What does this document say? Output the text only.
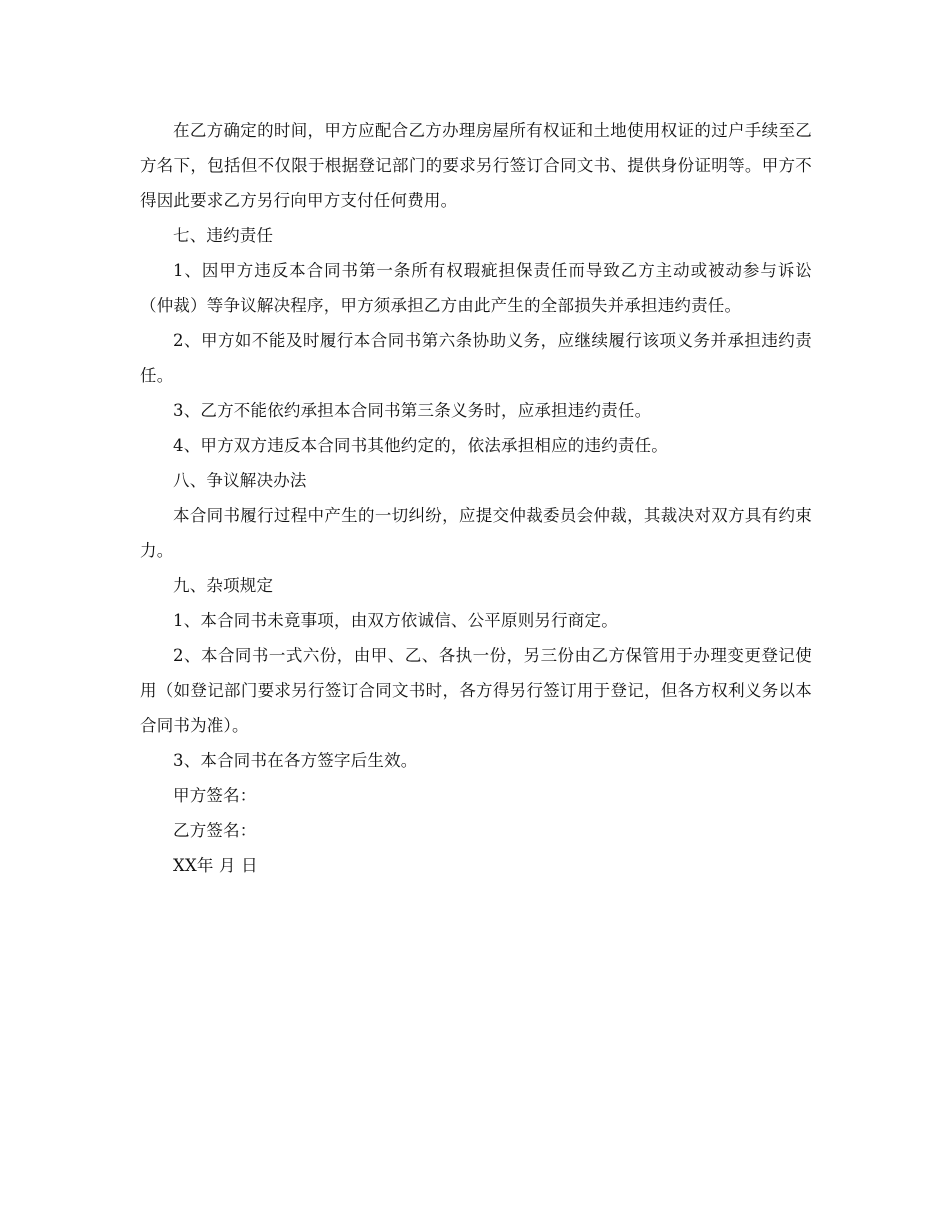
在乙方确定的时间，甲方应配合乙方办理房屋所有权证和土地使用权证的过户手续至乙方名下，包括但不仅限于根据登记部门的要求另行签订合同文书、提供身份证明等。甲方不得因此要求乙方另行向甲方支付任何费用。

七、违约责任

1、因甲方违反本合同书第一条所有权瑕疵担保责任而导致乙方主动或被动参与诉讼（仲裁）等争议解决程序，甲方须承担乙方由此产生的全部损失并承担违约责任。

2、甲方如不能及时履行本合同书第六条协助义务，应继续履行该项义务并承担违约责任。

3、乙方不能依约承担本合同书第三条义务时，应承担违约责任。

4、甲方双方违反本合同书其他约定的，依法承担相应的违约责任。

八、争议解决办法

本合同书履行过程中产生的一切纠纷，应提交仲裁委员会仲裁，其裁决对双方具有约束力。

九、杂项规定

1、本合同书未竟事项，由双方依诚信、公平原则另行商定。

2、本合同书一式六份，由甲、乙、各执一份，另三份由乙方保管用于办理变更登记使用（如登记部门要求另行签订合同文书时，各方得另行签订用于登记，但各方权利义务以本合同书为准）。

3、本合同书在各方签字后生效。

甲方签名：

乙方签名：

XX年 月 日
